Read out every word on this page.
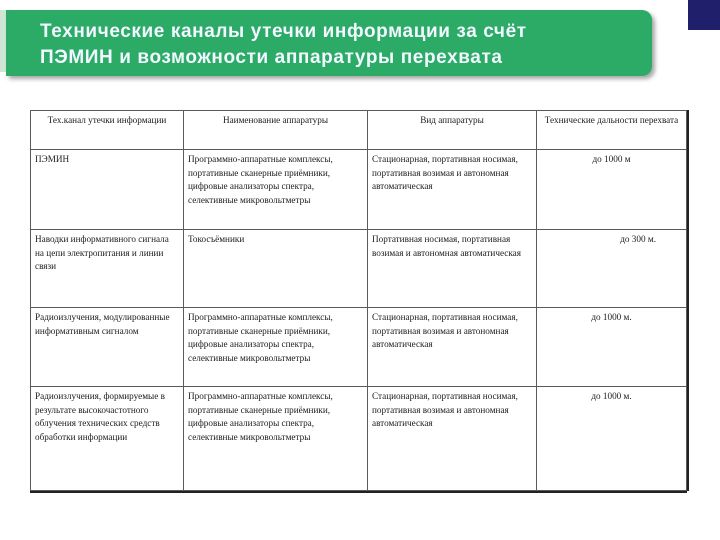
Технические каналы утечки информации за счёт
ПЭМИН и возможности аппаратуры перехвата
Тех.канал утечки информации	Наименование аппаратуры	Вид аппаратуры	Технические дальности перехвата
ПЭМИН	Программно-аппаратные комплексы, портативные сканерные приёмники, цифровые анализаторы спектра, селективные микровольтметры	Стационарная, портативная носимая, портативная возимая и автономная автоматическая	до 1000 м
Наводки информативного сигнала на цепи электропитания и линии связи	Токосъёмники	Портативная носимая, портативная возимая и автономная автоматическая	до 300 м.
Радиоизлучения, модулированные информативным сигналом	Программно-аппаратные комплексы, портативные сканерные приёмники, цифровые анализаторы спектра, селективные микровольтметры	Стационарная, портативная носимая, портативная возимая и автономная автоматическая	до 1000 м.
Радиоизлучения, формируемые в результате высокочастотного облучения технических средств обработки информации	Программно-аппаратные комплексы, портативные сканерные приёмники, цифровые анализаторы спектра, селективные микровольтметры	Стационарная, портативная носимая, портативная возимая и автономная автоматическая	до 1000 м.
